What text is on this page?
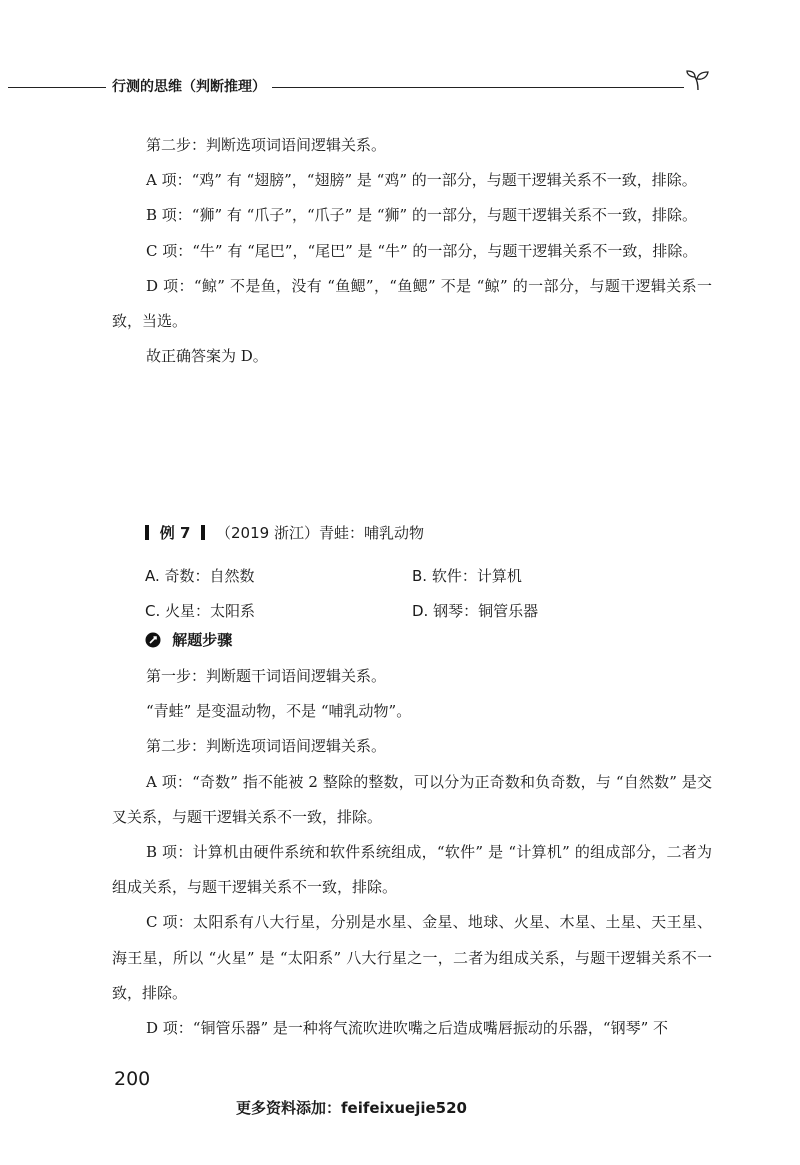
行测的思维（判断推理）

第二步：判断选项词语间逻辑关系。

A 项：“鸡” 有 “翅膀”，“翅膀” 是 “鸡” 的一部分，与题干逻辑关系不一致，排除。

B 项：“狮” 有 “爪子”，“爪子” 是 “狮” 的一部分，与题干逻辑关系不一致，排除。

C 项：“牛” 有 “尾巴”，“尾巴” 是 “牛” 的一部分，与题干逻辑关系不一致，排除。

D 项：“鲸” 不是鱼，没有 “鱼鳃”，“鱼鳃” 不是 “鲸” 的一部分，与题干逻辑关系一致，当选。

故正确答案为 D。

例 7 （2019 浙江）青蛙：哺乳动物
A. 奇数：自然数	B. 软件：计算机
C. 火星：太阳系	D. 钢琴：铜管乐器
解题步骤

第一步：判断题干词语间逻辑关系。

“青蛙” 是变温动物，不是 “哺乳动物”。

第二步：判断选项词语间逻辑关系。

A 项：“奇数” 指不能被 2 整除的整数，可以分为正奇数和负奇数，与 “自然数” 是交叉关系，与题干逻辑关系不一致，排除。

B 项：计算机由硬件系统和软件系统组成，“软件” 是 “计算机” 的组成部分，二者为组成关系，与题干逻辑关系不一致，排除。

C 项：太阳系有八大行星，分别是水星、金星、地球、火星、木星、土星、天王星、海王星，所以 “火星” 是 “太阳系” 八大行星之一，二者为组成关系，与题干逻辑关系不一致，排除。

D 项：“铜管乐器” 是一种将气流吹进吹嘴之后造成嘴唇振动的乐器，“钢琴” 不

200
更多资料添加：feifeixuejie520
